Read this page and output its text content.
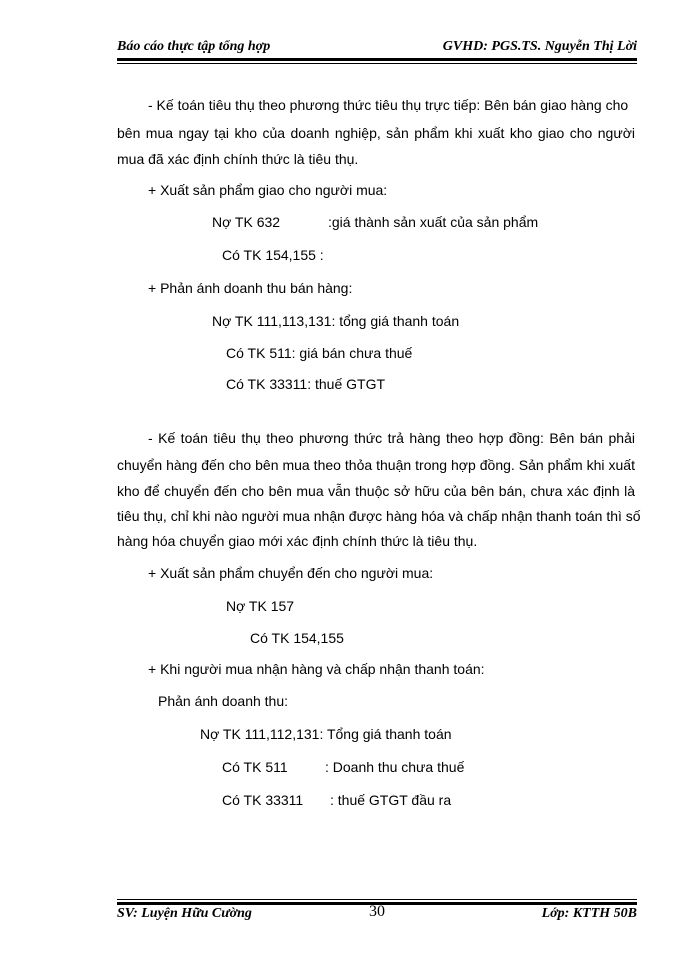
Báo cáo thực tập tổng hợp	GVHD: PGS.TS. Nguyễn Thị Lời
- Kế toán tiêu thụ theo phương thức tiêu thụ trực tiếp: Bên bán giao hàng cho
bên mua ngay tại kho của doanh nghiệp, sản phẩm khi xuất kho giao cho người
mua đã xác định chính thức là tiêu thụ.
+ Xuất sản phẩm giao cho người mua:
Nợ TK 632	:giá thành sản xuất của sản phẩm
Có TK 154,155 :
+ Phản ánh doanh thu bán hàng:
Nợ TK 111,113,131: tổng giá thanh toán
Có TK 511: giá bán chưa thuế
Có TK 33311: thuế GTGT
- Kế toán tiêu thụ theo phương thức trả hàng theo hợp đồng: Bên bán phải
chuyển hàng đến cho bên mua theo thỏa thuận trong hợp đồng. Sản phẩm khi xuất
kho để chuyển đến cho bên mua vẫn thuộc sở hữu của bên bán, chưa xác định là
tiêu thụ, chỉ khi nào người mua nhận được hàng hóa và chấp nhận thanh toán thì số
hàng hóa chuyển giao mới xác định chính thức là tiêu thụ.
+ Xuất sản phẩm chuyển đến cho người mua:
Nợ TK 157
Có TK 154,155
+ Khi người mua nhận hàng và chấp nhận thanh toán:
Phản ánh doanh thu:
Nợ TK 111,112,131: Tổng giá thanh toán
Có TK 511	: Doanh thu chưa thuế
Có TK 33311 : thuế GTGT đầu ra
SV: Luyện Hữu Cường	30	Lớp: KTTH 50B
